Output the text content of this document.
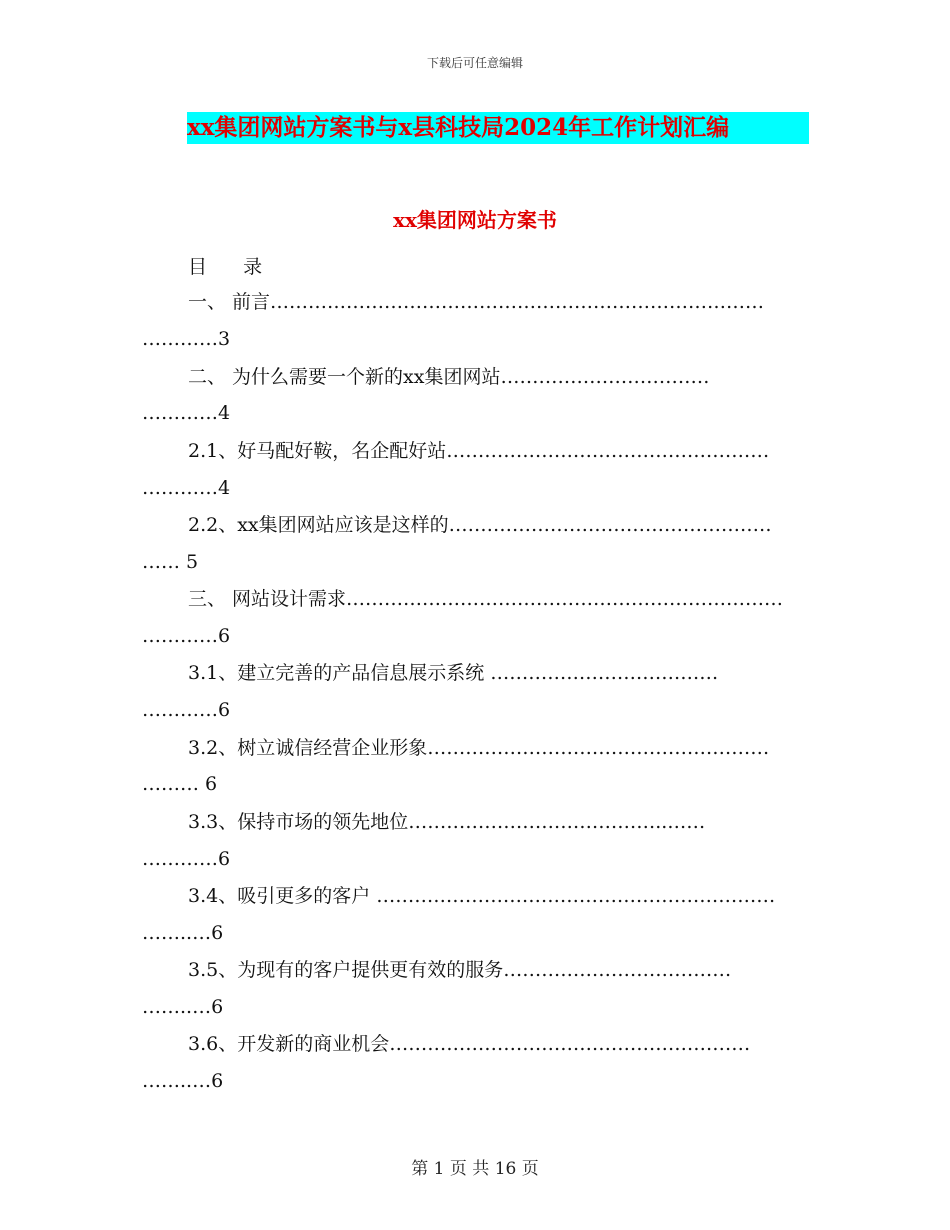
下载后可任意编辑
xx集团网站方案书与x县科技局2024年工作计划汇编
xx集团网站方案书
目 录
一、 前言……………………………………………………………………
…………3
二、 为什么需要一个新的xx集团网站……………………………
…………4
2.1、好马配好鞍，名企配好站……………………………………………
…………4
2.2、xx集团网站应该是这样的……………………………………………
…… 5
三、 网站设计需求……………………………………………………………
…………6
3.1、建立完善的产品信息展示系统 ………………………………
…………6
3.2、树立诚信经营企业形象………………………………………………
……… 6
3.3、保持市场的领先地位…………………………………..……
…………6
3.4、吸引更多的客户 ………………………………………………………
……..…6
3.5、为现有的客户提供更有效的服务………………………………
……..…6
3.6、开发新的商业机会…………………………………………………
……..…6
第 1 页 共 16 页
